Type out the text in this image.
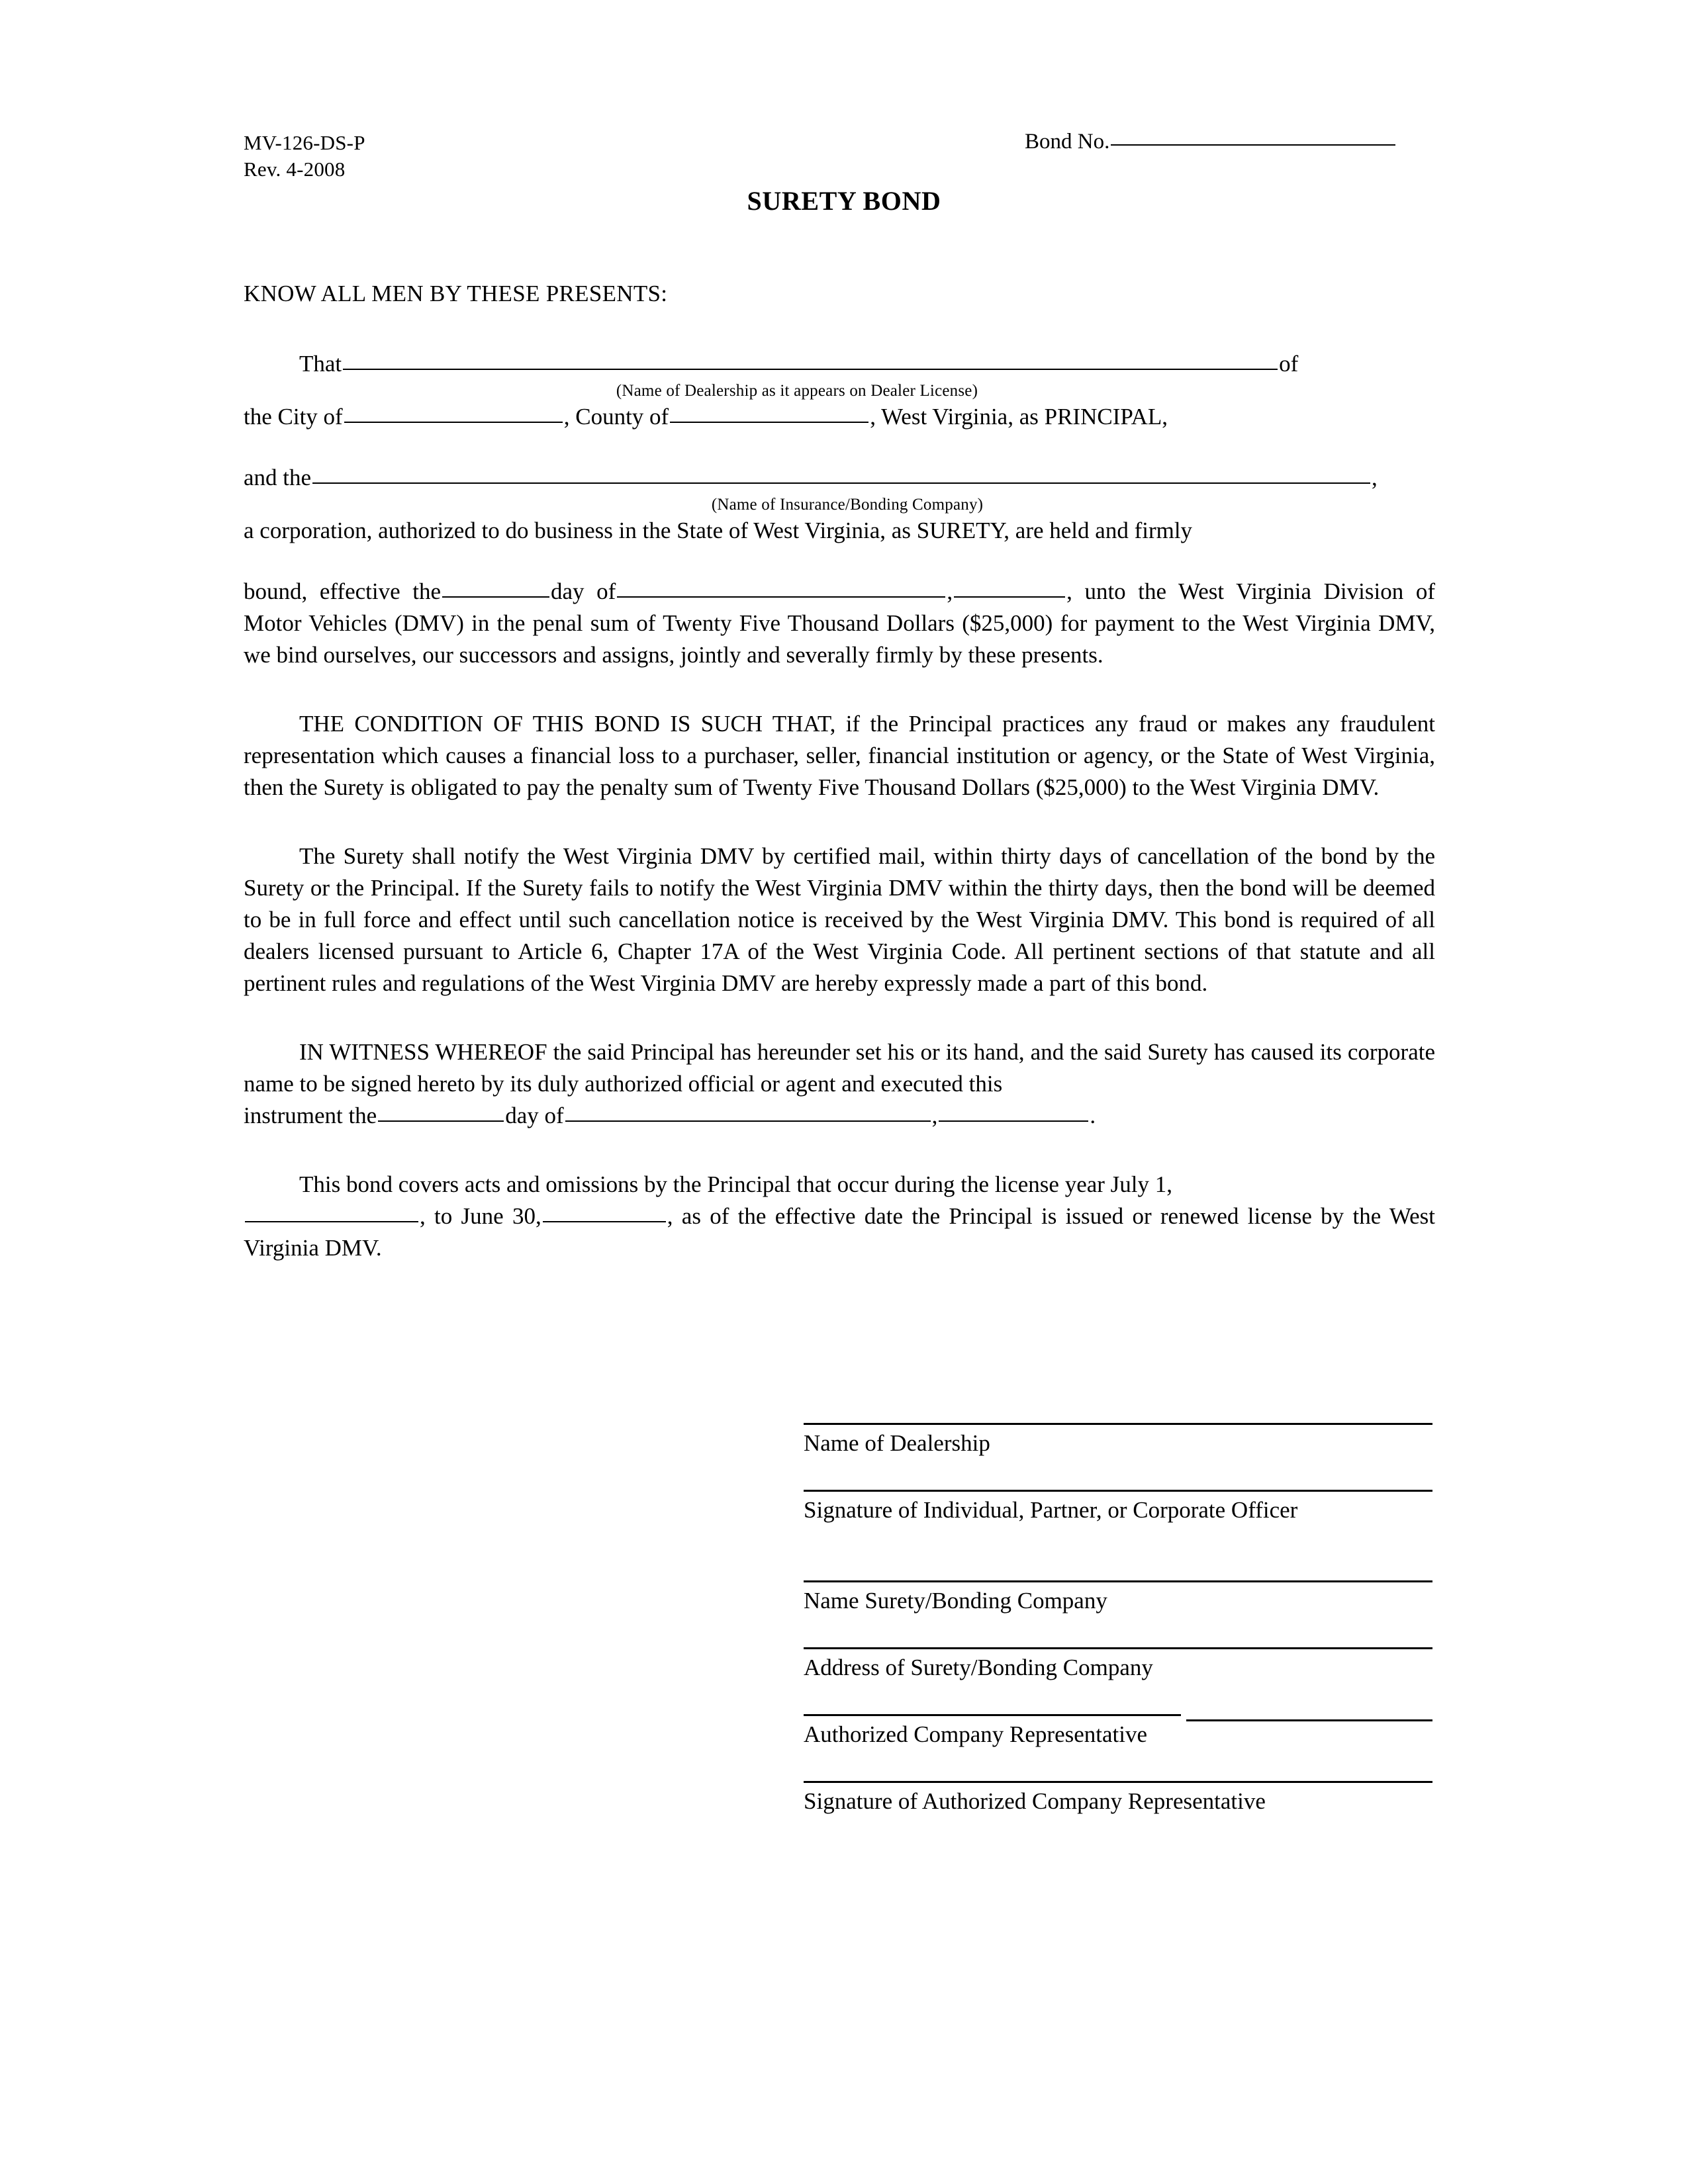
MV-126-DS-P
Rev. 4-2008
Bond No.
SURETY BOND
KNOW ALL MEN BY THESE PRESENTS:

That	of

(Name of Dealership as it appears on Dealer License)

the City of	, County of	, West Virginia, as PRINCIPAL,

and the	,

(Name of Insurance/Bonding Company)

a corporation, authorized to do business in the State of West Virginia, as SURETY, are held and firmly

bound, effective the	day of	,	, unto the West Virginia Division of Motor Vehicles (DMV) in the penal sum of Twenty Five Thousand Dollars ($25,000) for payment to the West Virginia DMV, we bind ourselves, our successors and assigns, jointly and severally firmly by these presents.

THE CONDITION OF THIS BOND IS SUCH THAT, if the Principal practices any fraud or makes any fraudulent representation which causes a financial loss to a purchaser, seller, financial institution or agency, or the State of West Virginia, then the Surety is obligated to pay the penalty sum of Twenty Five Thousand Dollars ($25,000) to the West Virginia DMV.

The Surety shall notify the West Virginia DMV by certified mail, within thirty days of cancellation of the bond by the Surety or the Principal. If the Surety fails to notify the West Virginia DMV within the thirty days, then the bond will be deemed to be in full force and effect until such cancellation notice is received by the West Virginia DMV. This bond is required of all dealers licensed pursuant to Article 6, Chapter 17A of the West Virginia Code. All pertinent sections of that statute and all pertinent rules and regulations of the West Virginia DMV are hereby expressly made a part of this bond.

IN WITNESS WHEREOF the said Principal has hereunder set his or its hand, and the said Surety has caused its corporate name to be signed hereto by its duly authorized official or agent and executed this

instrument the	day of	,	.

This bond covers acts and omissions by the Principal that occur during the license year July 1,

, to June 30,	, as of the effective date the Principal is issued or renewed license by the West Virginia DMV.

Name of Dealership
Signature of Individual, Partner, or Corporate Officer
Name Surety/Bonding Company
Address of Surety/Bonding Company
Authorized Company Representative
Signature of Authorized Company Representative
